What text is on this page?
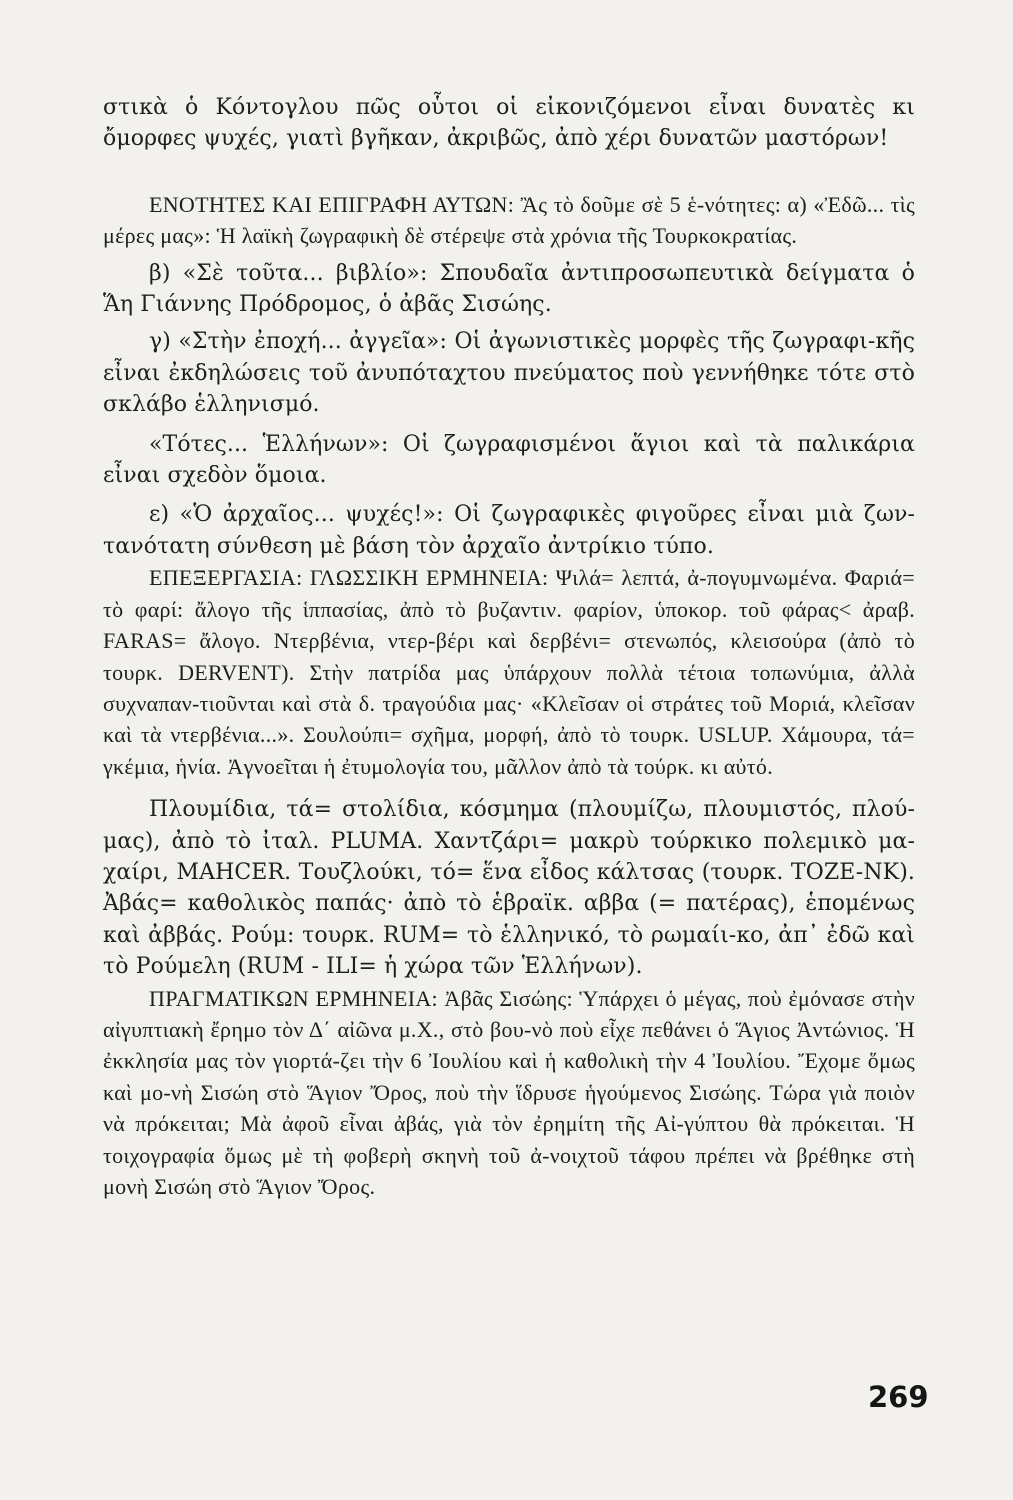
στικὰ ὁ Κόντογλου πῶς οὗτοι οἱ εἰκονιζόμενοι εἶναι δυνατὲς κι ὄμορφες ψυχές, γιατὶ βγῆκαν, ἀκριβῶς, ἀπὸ χέρι δυνατῶν μαστόρων!

ΕΝΟΤΗΤΕΣ ΚΑΙ ΕΠΙΓΡΑΦΗ ΑΥΤΩΝ: Ἂς τὸ δοῦμε σὲ 5 ἑ-νότητες: α) «Ἐδῶ... τὶς μέρες μας»: Ἡ λαϊκὴ ζωγραφικὴ δὲ στέρεψε στὰ χρόνια τῆς Τουρκοκρατίας.

β) «Σὲ τοῦτα... βιβλίο»: Σπουδαῖα ἀντιπροσωπευτικὰ δείγματα ὁ Ἅη Γιάννης Πρόδρομος, ὁ ἀβᾶς Σισώης.

γ) «Στὴν ἐποχή... ἀγγεῖα»: Οἱ ἀγωνιστικὲς μορφὲς τῆς ζωγραφι-κῆς εἶναι ἐκδηλώσεις τοῦ ἀνυπόταχτου πνεύματος ποὺ γεννήθηκε τότε στὸ σκλάβο ἑλληνισμό.

«Τότες... Ἑλλήνων»: Οἱ ζωγραφισμένοι ἅγιοι καὶ τὰ παλικάρια εἶναι σχεδὸν ὅμοια.

ε) «Ὁ ἀρχαῖος... ψυχές!»: Οἱ ζωγραφικὲς φιγοῦρες εἶναι μιὰ ζων-τανότατη σύνθεση μὲ βάση τὸν ἀρχαῖο ἀντρίκιο τύπο.

ΕΠΕΞΕΡΓΑΣΙΑ: ΓΛΩΣΣΙΚΗ ΕΡΜΗΝΕΙΑ: Ψιλά= λεπτά, ἀ-πογυμνωμένα. Φαριά= τὸ φαρί: ἄλογο τῆς ἱππασίας, ἀπὸ τὸ βυζαντιν. φαρίον, ὑποκορ. τοῦ φάρας< ἀραβ. FARAS= ἄλογο. Ντερβένια, ντερ-βέρι καὶ δερβένι= στενωπός, κλεισούρα (ἀπὸ τὸ τουρκ. DERVENT). Στὴν πατρίδα μας ὑπάρχουν πολλὰ τέτοια τοπωνύμια, ἀλλὰ συχναπαν-τιοῦνται καὶ στὰ δ. τραγούδια μας· «Κλεῖσαν οἱ στράτες τοῦ Μοριά, κλεῖσαν καὶ τὰ ντερβένια...». Σουλούπι= σχῆμα, μορφή, ἀπὸ τὸ τουρκ. USLUP. Χάμουρα, τά= γκέμια, ἡνία. Ἀγνοεῖται ἡ ἐτυμολογία του, μᾶλλον ἀπὸ τὰ τούρκ. κι αὐτό.

Πλουμίδια, τά= στολίδια, κόσμημα (πλουμίζω, πλουμιστός, πλού-μας), ἀπὸ τὸ ἰταλ. PLUMA. Χαντζάρι= μακρὺ τούρκικο πολεμικὸ μα-χαίρι, MAHCER. Τουζλούκι, τό= ἕνα εἶδος κάλτσας (τουρκ. TOZE-NK). Ἀβάς= καθολικὸς παπάς· ἀπὸ τὸ ἑβραϊκ. αββα (= πατέρας), ἑπομένως καὶ ἀββάς. Ρούμ: τουρκ. RUM= τὸ ἑλληνικό, τὸ ρωμαίι-κο, ἀπ᾽ ἐδῶ καὶ τὸ Ρούμελη (RUM - ILI= ἡ χώρα τῶν Ἑλλήνων).

ΠΡΑΓΜΑΤΙΚΩΝ ΕΡΜΗΝΕΙΑ: Ἀβᾶς Σισώης: Ὑπάρχει ὁ μέγας, ποὺ ἐμόνασε στὴν αἰγυπτιακὴ ἔρημο τὸν Δ΄ αἰῶνα μ.Χ., στὸ βου-νὸ ποὺ εἶχε πεθάνει ὁ Ἅγιος Ἀντώνιος. Ἡ ἐκκλησία μας τὸν γιορτά-ζει τὴν 6 Ἰουλίου καὶ ἡ καθολικὴ τὴν 4 Ἰουλίου. Ἔχομε ὅμως καὶ μο-νὴ Σισώη στὸ Ἅγιον Ὄρος, ποὺ τὴν ἵδρυσε ἡγούμενος Σισώης. Τώρα γιὰ ποιὸν νὰ πρόκειται; Μὰ ἀφοῦ εἶναι ἀβάς, γιὰ τὸν ἐρημίτη τῆς Αἰ-γύπτου θὰ πρόκειται. Ἡ τοιχογραφία ὅμως μὲ τὴ φοβερὴ σκηνὴ τοῦ ἀ-νοιχτοῦ τάφου πρέπει νὰ βρέθηκε στὴ μονὴ Σισώη στὸ Ἅγιον Ὄρος.

269
